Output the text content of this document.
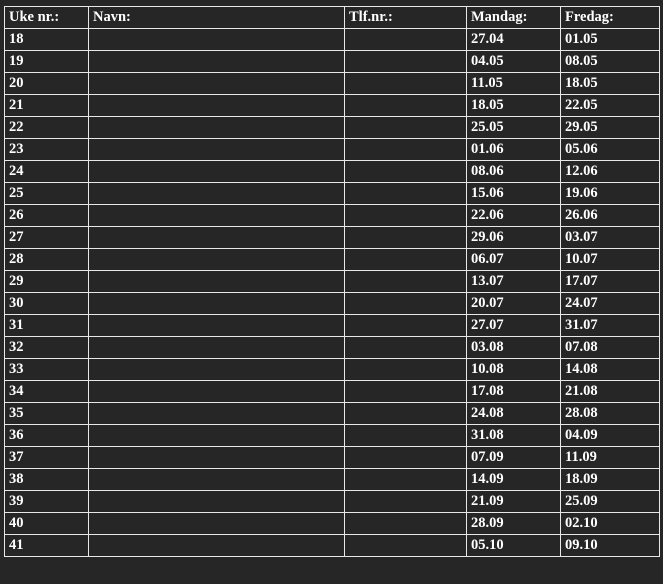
Uke nr.:	Navn:	Tlf.nr.:	Mandag:	Fredag:
18			27.04	01.05
19			04.05	08.05
20			11.05	18.05
21			18.05	22.05
22			25.05	29.05
23			01.06	05.06
24			08.06	12.06
25			15.06	19.06
26			22.06	26.06
27			29.06	03.07
28			06.07	10.07
29			13.07	17.07
30			20.07	24.07
31			27.07	31.07
32			03.08	07.08
33			10.08	14.08
34			17.08	21.08
35			24.08	28.08
36			31.08	04.09
37			07.09	11.09
38			14.09	18.09
39			21.09	25.09
40			28.09	02.10
41			05.10	09.10
